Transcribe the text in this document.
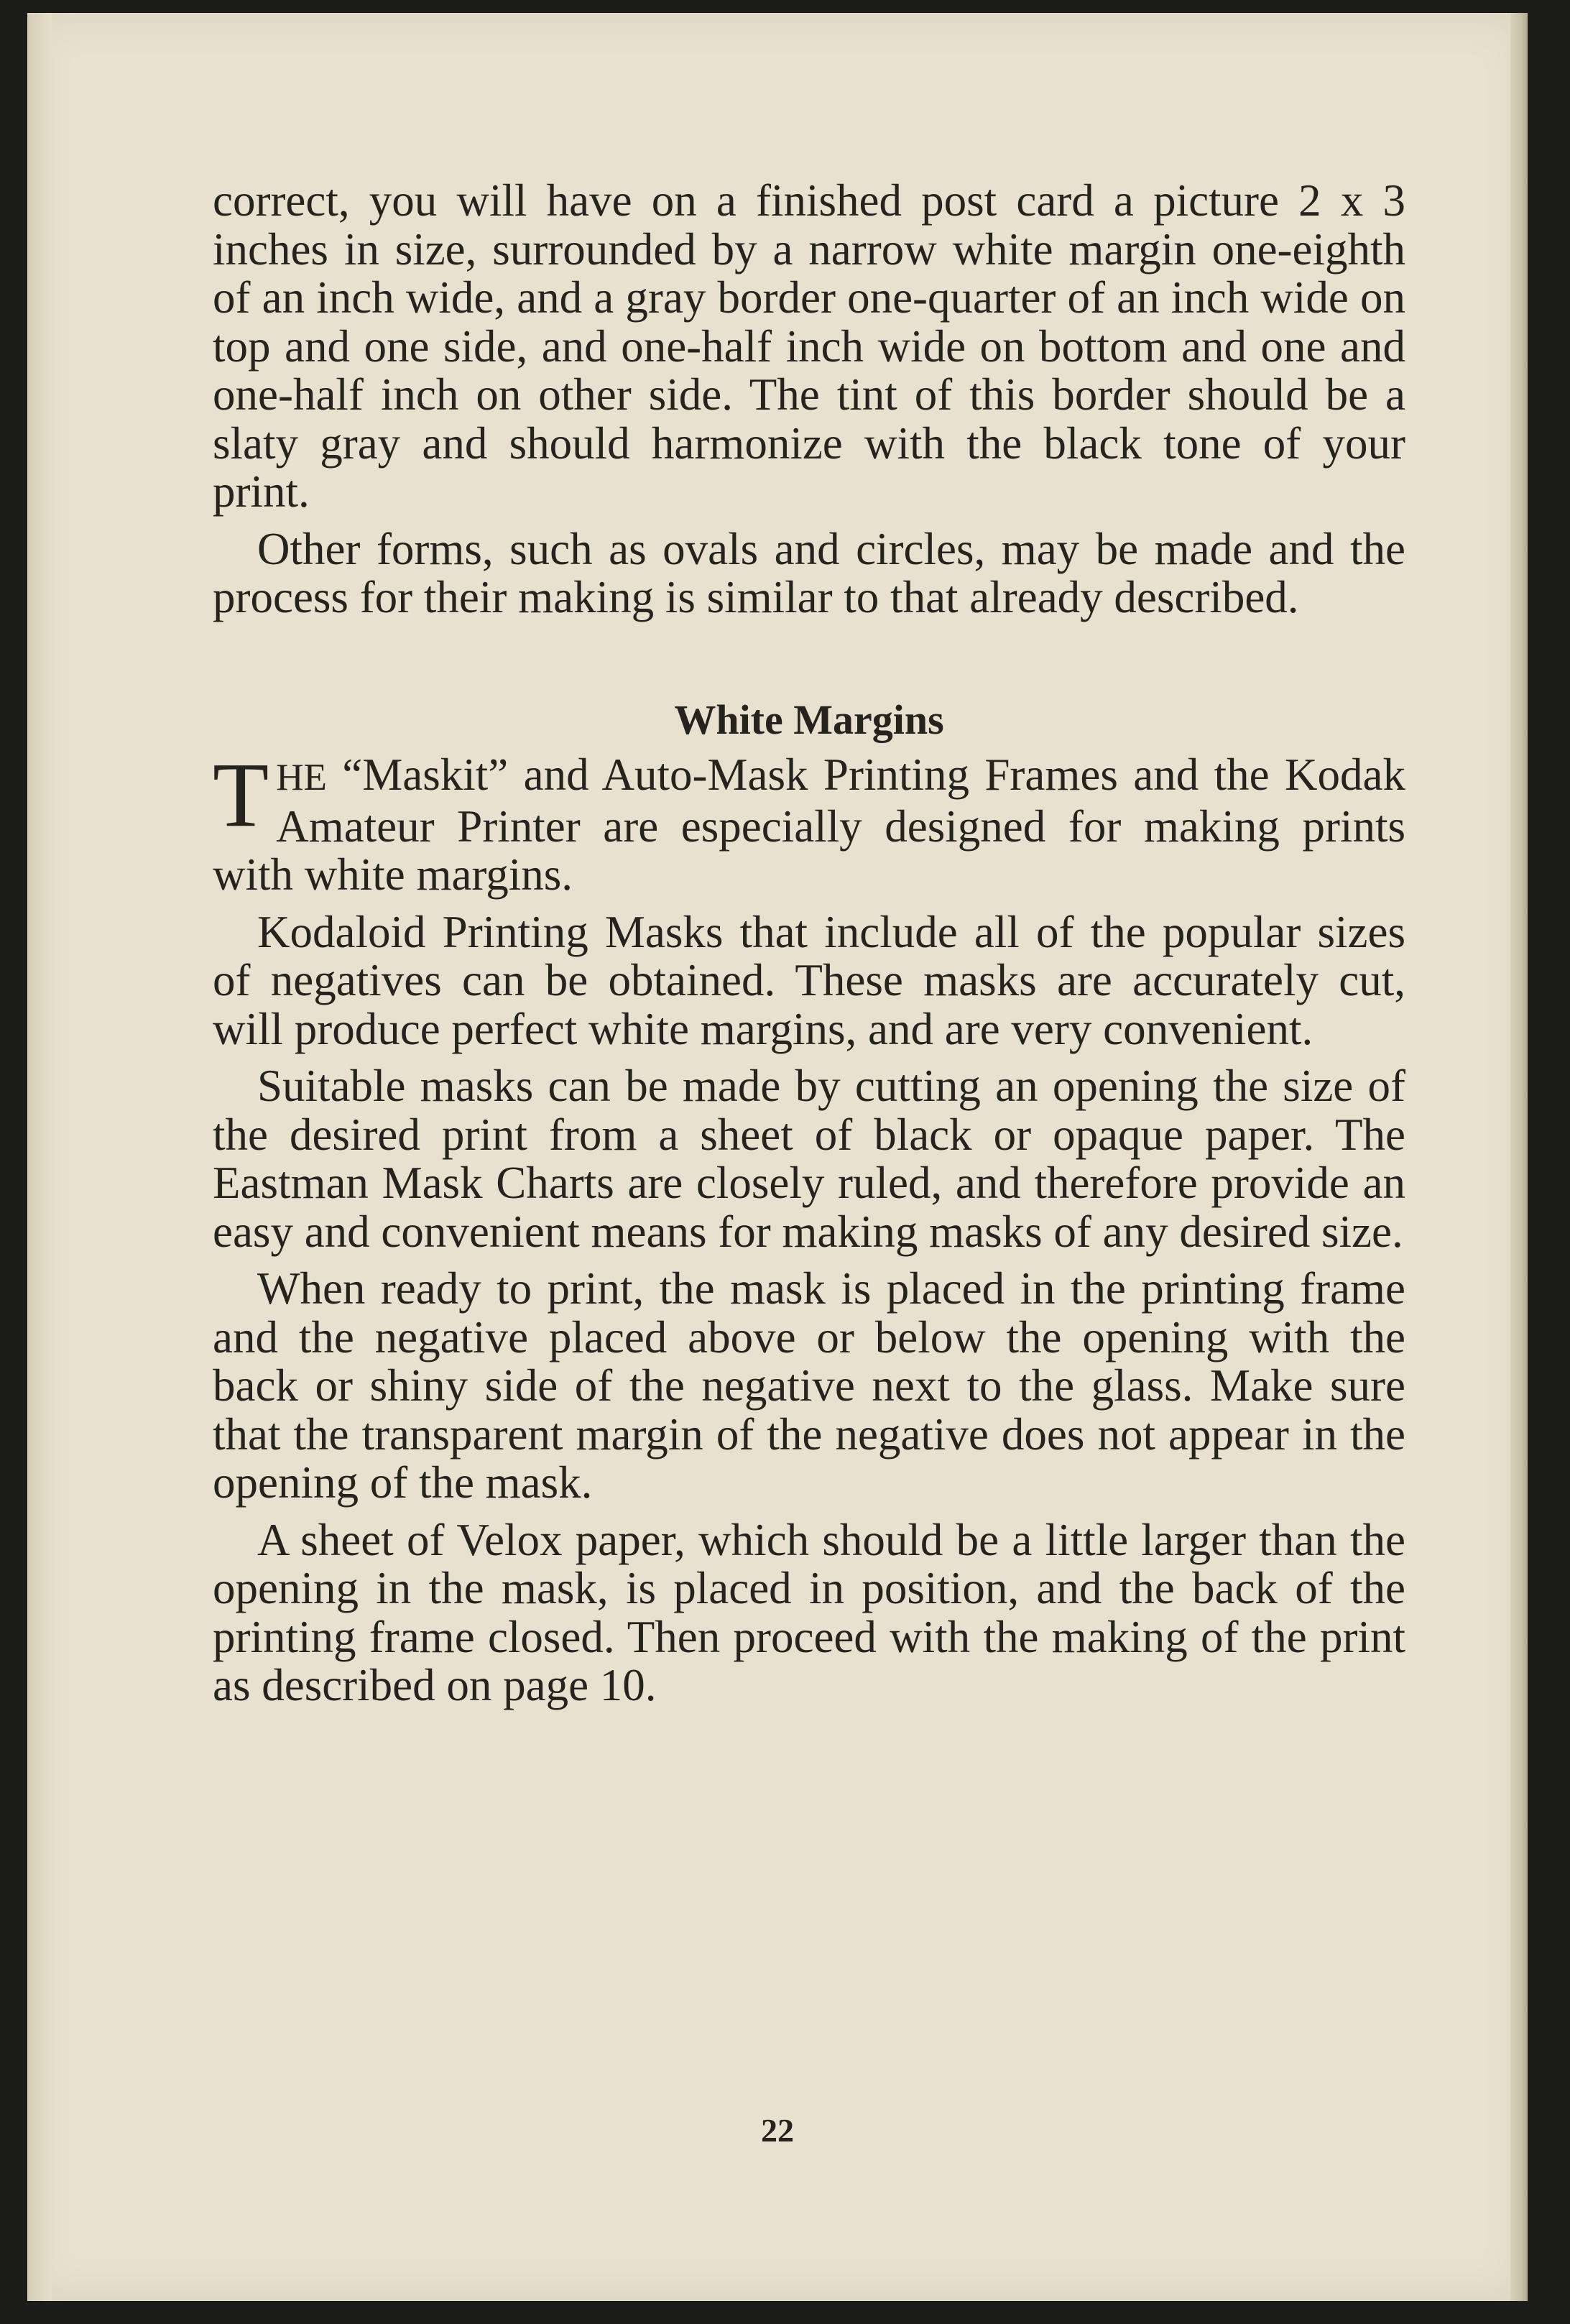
correct, you will have on a finished post card a picture 2 x 3 inches in size, surrounded by a narrow white margin one-eighth of an inch wide, and a gray border one-quarter of an inch wide on top and one side, and one-half inch wide on bottom and one and one-half inch on other side. The tint of this border should be a slaty gray and should harmonize with the black tone of your print.

Other forms, such as ovals and circles, may be made and the process for their making is similar to that already described.

White Margins

THE “Maskit” and Auto-Mask Printing Frames and the Kodak Amateur Printer are especially designed for making prints with white margins.

Kodaloid Printing Masks that include all of the popular sizes of negatives can be obtained. These masks are accurately cut, will produce perfect white margins, and are very convenient.

Suitable masks can be made by cutting an opening the size of the desired print from a sheet of black or opaque paper. The Eastman Mask Charts are closely ruled, and therefore provide an easy and convenient means for making masks of any desired size.

When ready to print, the mask is placed in the printing frame and the negative placed above or below the opening with the back or shiny side of the negative next to the glass. Make sure that the transparent margin of the negative does not appear in the opening of the mask.

A sheet of Velox paper, which should be a little larger than the opening in the mask, is placed in position, and the back of the printing frame closed. Then proceed with the making of the print as described on page 10.

22
